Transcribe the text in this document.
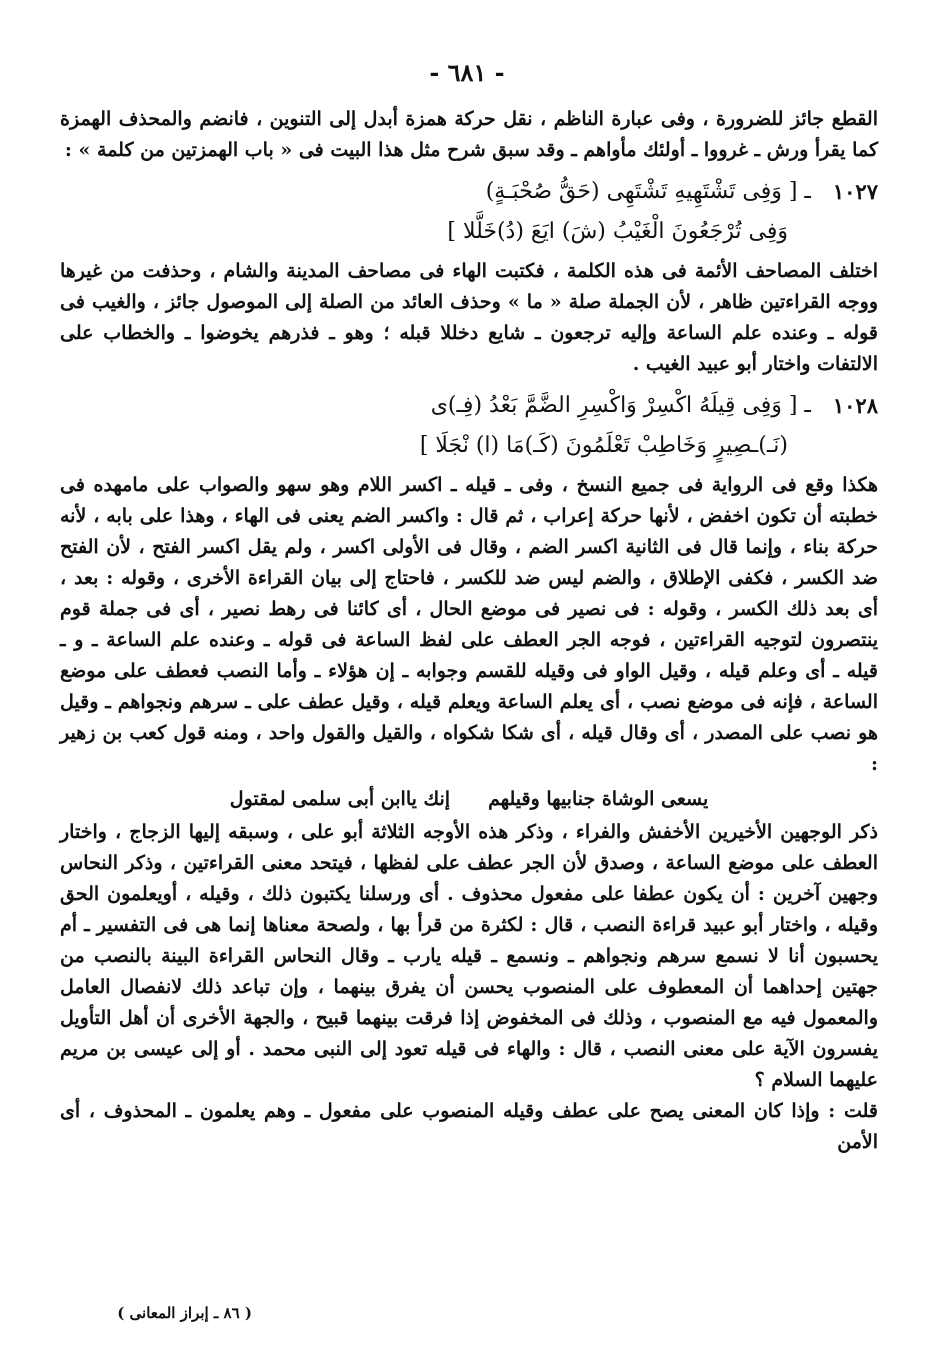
- ٦٨١ -

القطع جائز للضرورة ، وفى عبارة الناظم ، نقل حركة همزة أبدل إلى التنوين ، فانضم والمحذف الهمزة كما يقرأ ورش ـ غرووا ـ أولئك مأواهم ـ وقد سبق شرح مثل هذا البيت فى « باب الهمزتين من كلمة » :

١٠٢٧
ـ [ وَفِى تَشْتَهِيهِ تَشْتَهِى (حَقُّ صُحْبَـةٍ)
وَفِى تُرْجَعُونَ الْغَيْبُ (شَ) ايَعَ (دُ)خَلَّلا ]

اختلف المصاحف الأئمة فى هذه الكلمة ، فكتبت الهاء فى مصاحف المدينة والشام ، وحذفت من غيرها ووجه القراءتين ظاهر ، لأن الجملة صلة « ما » وحذف العائد من الصلة إلى الموصول جائز ، والغيب فى قوله ـ وعنده علم الساعة وإليه ترجعون ـ شايع دخللا قبله ؛ وهو ـ فذرهم يخوضوا ـ والخطاب على الالتفات واختار أبو عبيد الغيب .

١٠٢٨
ـ [ وَفِى قِيلَهُ اكْسِرْ وَاكْسِرِ الضَّمَّ بَعْدُ (فِـ)ى
(نَـ)ـصِيرٍ وَخَاطِبْ تَعْلَمُونَ (كَـ)مَا (ا) نْجَلَا ]

هكذا وقع فى الرواية فى جميع النسخ ، وفى ـ قيله ـ اكسر اللام وهو سهو والصواب على مامهده فى خطبته أن تكون اخفض ، لأنها حركة إعراب ، ثم قال : واكسر الضم يعنى فى الهاء ، وهذا على بابه ، لأنه حركة بناء ، وإنما قال فى الثانية اكسر الضم ، وقال فى الأولى اكسر ، ولم يقل اكسر الفتح ، لأن الفتح ضد الكسر ، فكفى الإطلاق ، والضم ليس ضد للكسر ، فاحتاج إلى بيان القراءة الأخرى ، وقوله : بعد ، أى بعد ذلك الكسر ، وقوله : فى نصير فى موضع الحال ، أى كائنا فى رهط نصير ، أى فى جملة قوم ينتصرون لتوجيه القراءتين ، فوجه الجر العطف على لفظ الساعة فى قوله ـ وعنده علم الساعة ـ و ـ قيله ـ أى وعلم قيله ، وقيل الواو فى وقيله للقسم وجوابه ـ إن هؤلاء ـ وأما النصب فعطف على موضع الساعة ، فإنه فى موضع نصب ، أى يعلم الساعة ويعلم قيله ، وقيل عطف على ـ سرهم ونجواهم ـ وقيل هو نصب على المصدر ، أى وقال قيله ، أى شكا شكواه ، والقيل والقول واحد ، ومنه قول كعب بن زهير :

يسعى الوشاة جنابيها وقيلهم
إنك ياابن أبى سلمى لمقتول

ذكر الوجهين الأخيرين الأخفش والفراء ، وذكر هذه الأوجه الثلاثة أبو على ، وسبقه إليها الزجاج ، واختار العطف على موضع الساعة ، وصدق لأن الجر عطف على لفظها ، فيتحد معنى القراءتين ، وذكر النحاس وجهين آخرين : أن يكون عطفا على مفعول محذوف . أى ورسلنا يكتبون ذلك ، وقيله ، أويعلمون الحق وقيله ، واختار أبو عبيد قراءة النصب ، قال : لكثرة من قرأ بها ، ولصحة معناها إنما هى فى التفسير ـ أم يحسبون أنا لا نسمع سرهم ونجواهم ـ ونسمع ـ قيله يارب ـ وقال النحاس القراءة البينة بالنصب من جهتين إحداهما أن المعطوف على المنصوب يحسن أن يفرق بينهما ، وإن تباعد ذلك لانفصال العامل والمعمول فيه مع المنصوب ، وذلك فى المخفوض إذا فرقت بينهما قبيح ، والجهة الأخرى أن أهل التأويل يفسرون الآية على معنى النصب ، قال : والهاء فى قيله تعود إلى النبى محمد . أو إلى عيسى بن مريم عليهما السلام ؟

قلت : وإذا كان المعنى يصح على عطف وقيله المنصوب على مفعول ـ وهم يعلمون ـ المحذوف ، أى الأمن

( ٨٦ ـ إبراز المعانى )
